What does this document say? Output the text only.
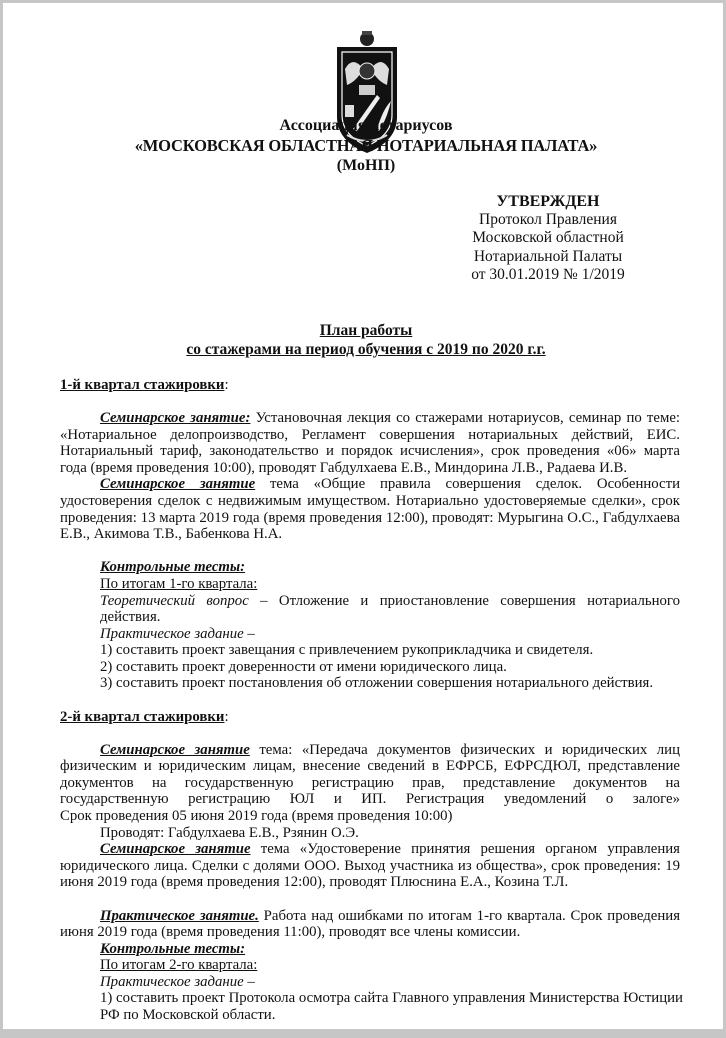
Ассоциация нотариусов
«МОСКОВСКАЯ ОБЛАСТНАЯ НОТАРИАЛЬНАЯ ПАЛАТА»
(МоНП)
УТВЕРЖДЕН
Протокол Правления
Московской областной
Нотариальной Палаты
от 30.01.2019 № 1/2019
План работы
со стажерами на период обучения с 2019 по 2020 г.г.
1-й квартал стажировки:
Семинарское занятие: Установочная лекция со стажерами нотариусов, семинар по теме:
«Нотариальное делопроизводство, Регламент совершения нотариальных действий, ЕИС.
Нотариальный тариф, законодательство и порядок исчисления», срок проведения «06» марта
года (время проведения 10:00), проводят Габдулхаева Е.В., Миндорина Л.В., Радаева И.В.
Семинарское занятие тема «Общие правила совершения сделок. Особенности
удостоверения сделок с недвижимым имуществом. Нотариально удостоверяемые сделки», срок
проведения: 13 марта 2019 года (время проведения 12:00), проводят: Мурыгина О.С., Габдулхаева
Е.В., Акимова Т.В., Бабенкова Н.А.
Контрольные тесты:
По итогам 1-го квартала:
Теоретический вопрос – Отложение и приостановление совершения нотариального
действия.
Практическое задание –
1) составить проект завещания с привлечением рукоприкладчика и свидетеля.
2) составить проект доверенности от имени юридического лица.
3) составить проект постановления об отложении совершения нотариального действия.
2-й квартал стажировки:
Семинарское занятие тема: «Передача документов физических и юридических лиц
физическим и юридическим лицам, внесение сведений в ЕФРСБ, ЕФРСДЮЛ, представление
документов на государственную регистрацию прав, представление документов на
государственную регистрацию ЮЛ и ИП. Регистрация уведомлений о залоге»
Срок проведения 05 июня 2019 года (время проведения 10:00)
Проводят: Габдулхаева Е.В., Рзянин О.Э.
Семинарское занятие тема «Удостоверение принятия решения органом управления
юридического лица. Сделки с долями ООО. Выход участника из общества», срок проведения: 19
июня 2019 года (время проведения 12:00), проводят Плюснина Е.А., Козина Т.Л.
Практическое занятие. Работа над ошибками по итогам 1-го квартала. Срок проведения
июня 2019 года (время проведения 11:00), проводят все члены комиссии.
Контрольные тесты:
По итогам 2-го квартала:
Практическое задание –
1) составить проект Протокола осмотра сайта Главного управления Министерства Юстиции
РФ по Московской области.
